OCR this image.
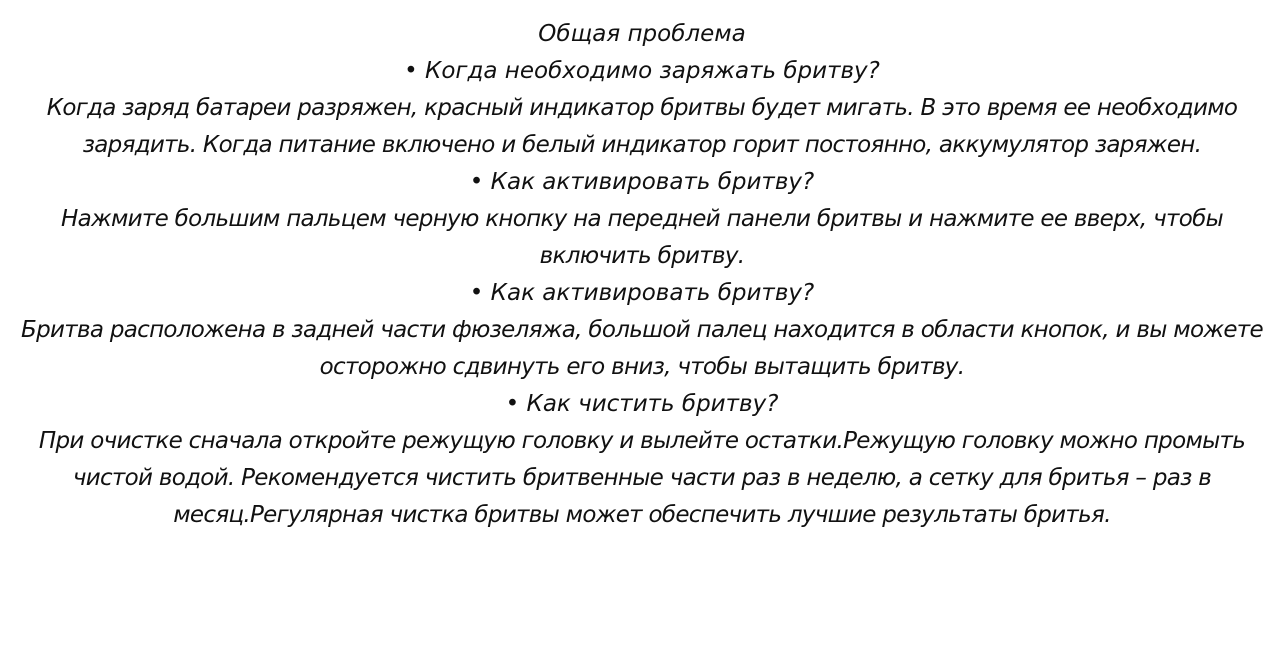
Общая проблема

• Когда необходимо заряжать бритву?

Когда заряд батареи разряжен, красный индикатор бритвы будет мигать. В это время ее необходимо зарядить. Когда питание включено и белый индикатор горит постоянно, аккумулятор заряжен.

• Как активировать бритву?

Нажмите большим пальцем черную кнопку на передней панели бритвы и нажмите ее вверх, чтобы включить бритву.

• Как активировать бритву?

Бритва расположена в задней части фюзеляжа, большой палец находится в области кнопок, и вы можете осторожно сдвинуть его вниз, чтобы вытащить бритву.

• Как чистить бритву?

При очистке сначала откройте режущую головку и вылейте остатки.Режущую головку можно промыть чистой водой. Рекомендуется чистить бритвенные части раз в неделю, а сетку для бритья – раз в месяц.Регулярная чистка бритвы может обеспечить лучшие результаты бритья.
